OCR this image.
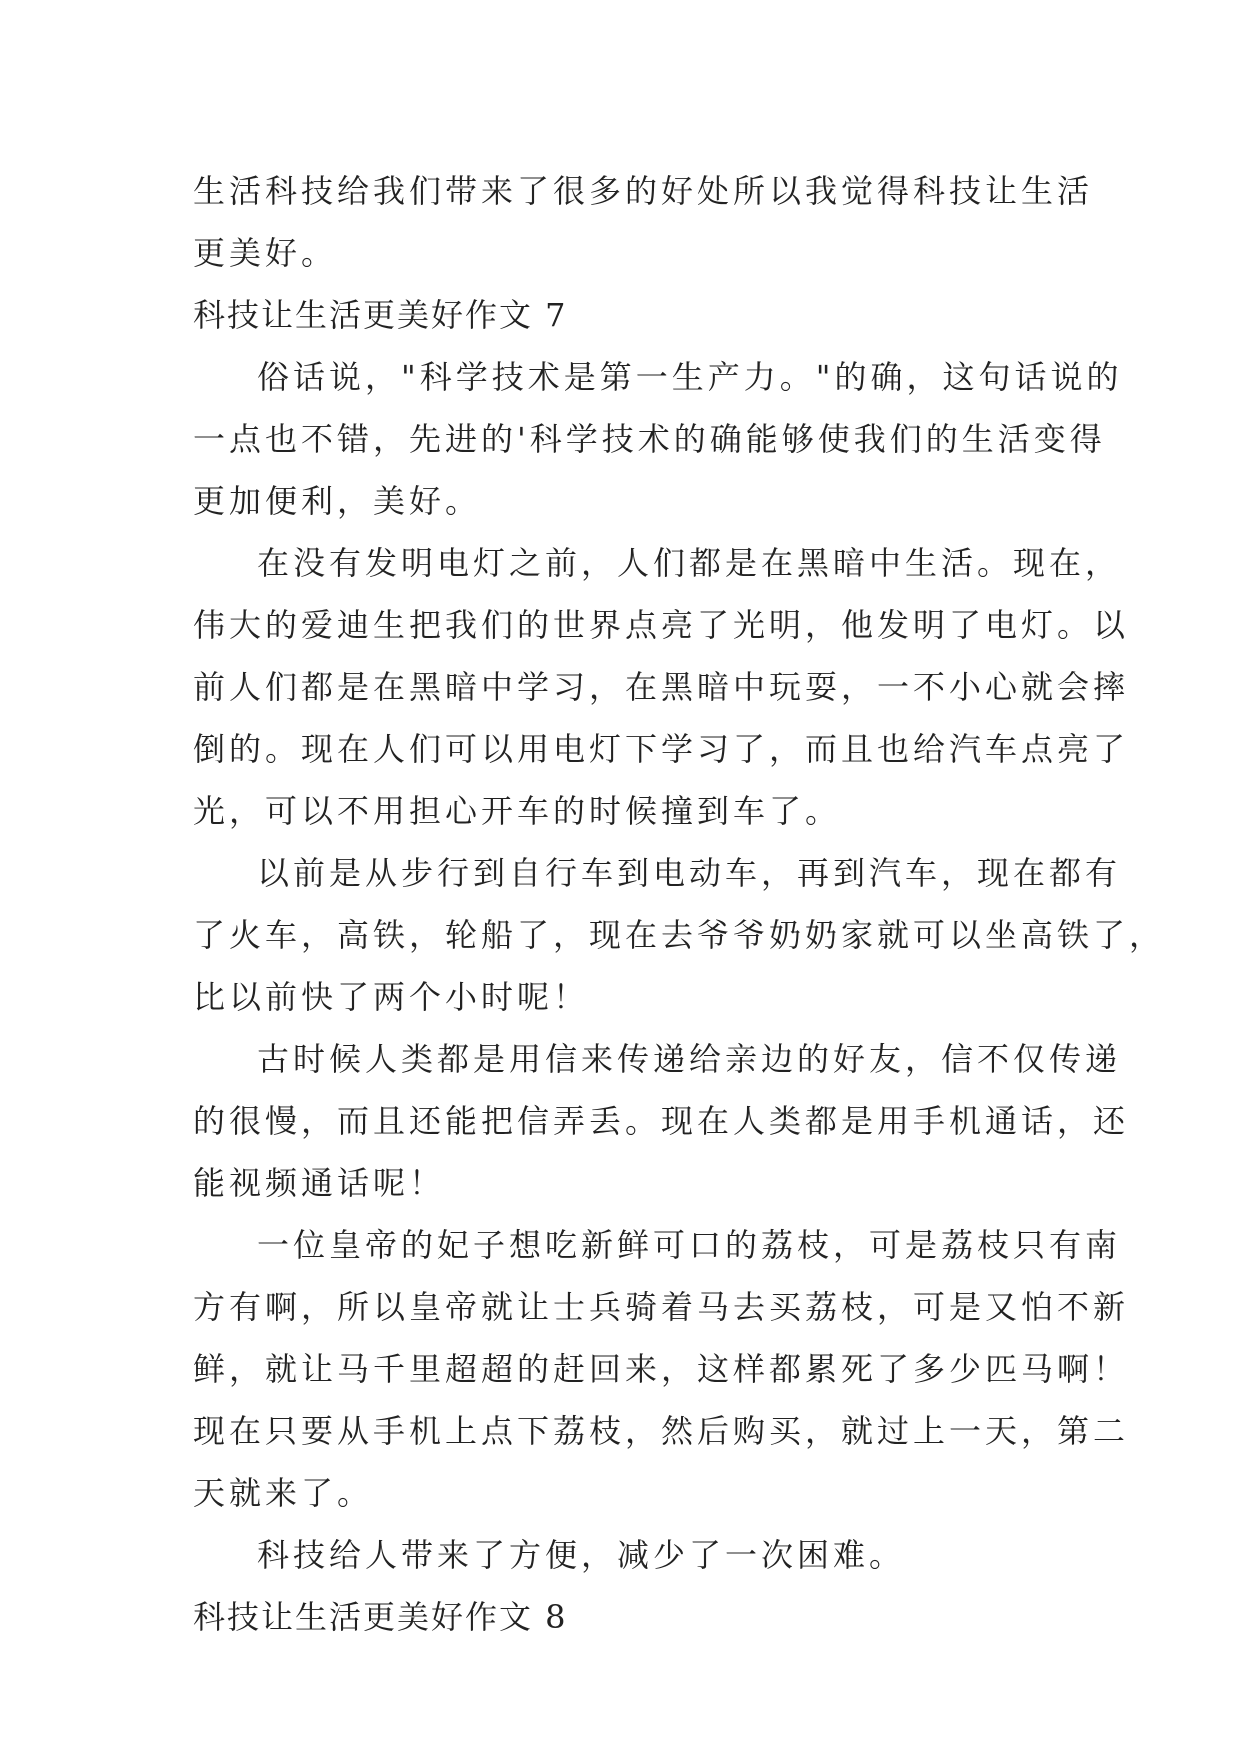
生活科技给我们带来了很多的好处所以我觉得科技让生活
更美好。
科技让生活更美好作文 7
俗话说，"科学技术是第一生产力。"的确，这句话说的
一点也不错，先进的'科学技术的确能够使我们的生活变得
更加便利，美好。
在没有发明电灯之前，人们都是在黑暗中生活。现在，
伟大的爱迪生把我们的世界点亮了光明，他发明了电灯。以
前人们都是在黑暗中学习，在黑暗中玩耍，一不小心就会摔
倒的。现在人们可以用电灯下学习了，而且也给汽车点亮了
光，可以不用担心开车的时候撞到车了。
以前是从步行到自行车到电动车，再到汽车，现在都有
了火车，高铁，轮船了，现在去爷爷奶奶家就可以坐高铁了，
比以前快了两个小时呢！
古时候人类都是用信来传递给亲边的好友，信不仅传递
的很慢，而且还能把信弄丢。现在人类都是用手机通话，还
能视频通话呢！
一位皇帝的妃子想吃新鲜可口的荔枝，可是荔枝只有南
方有啊，所以皇帝就让士兵骑着马去买荔枝，可是又怕不新
鲜，就让马千里超超的赶回来，这样都累死了多少匹马啊！
现在只要从手机上点下荔枝，然后购买，就过上一天，第二
天就来了。
科技给人带来了方便，减少了一次困难。
科技让生活更美好作文 8
